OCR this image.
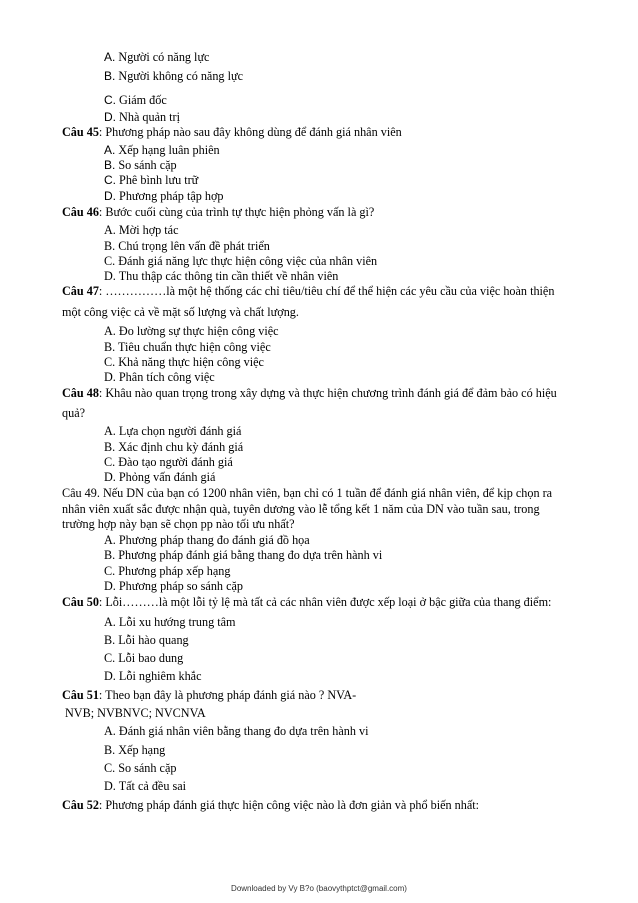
A. Người có năng lực
B. Người không có năng lực
C. Giám đốc
D. Nhà quản trị
Câu 45: Phương pháp nào sau đây không dùng để đánh giá nhân viên
A. Xếp hạng luân phiên
B. So sánh cặp
C. Phê bình lưu trữ
D. Phương pháp tập hợp
Câu 46: Bước cuối cùng của trình tự thực hiện phỏng vấn là gì?
A. Mời hợp tác
B. Chú trọng lên vấn đề phát triển
C. Đánh giá năng lực thực hiện công việc của nhân viên
D. Thu thập các thông tin cần thiết về nhân viên
Câu 47: ……………là một hệ thống các chỉ tiêu/tiêu chí để thể hiện các yêu cầu của việc hoàn thiện
một công việc cả về mặt số lượng và chất lượng.
A. Đo lường sự thực hiện công việc
B. Tiêu chuẩn thực hiện công việc
C. Khả năng thực hiện công việc
D. Phân tích công việc
Câu 48: Khâu nào quan trọng trong xây dựng và thực hiện chương trình đánh giá để đảm bảo có hiệu
quả?
A. Lựa chọn người đánh giá
B. Xác định chu kỳ đánh giá
C. Đào tạo người đánh giá
D. Phỏng vấn đánh giá
Câu 49. Nếu DN của bạn có 1200 nhân viên, bạn chỉ có 1 tuần để đánh giá nhân viên, để kịp chọn ra
nhân viên xuất sắc được nhận quà, tuyên dương vào lễ tổng kết 1 năm của DN vào tuần sau, trong
trường hợp này bạn sẽ chọn pp nào tối ưu nhất?
A. Phương pháp thang đo đánh giá đồ họa
B. Phương pháp đánh giá bằng thang đo dựa trên hành vi
C. Phương pháp xếp hạng
D. Phương pháp so sánh cặp
Câu 50: Lỗi………là một lỗi tỷ lệ mà tất cả các nhân viên được xếp loại ở bậc giữa của thang điểm:
A. Lỗi xu hướng trung tâm
B. Lỗi hào quang
C. Lỗi bao dung
D. Lỗi nghiêm khắc
Câu 51: Theo bạn đây là phương pháp đánh giá nào ? NVA-
NVB; NVBNVC; NVCNVA
A. Đánh giá nhân viên bằng thang đo dựa trên hành vi
B. Xếp hạng
C. So sánh cặp
D. Tất cả đều sai
Câu 52: Phương pháp đánh giá thực hiện công việc nào là đơn giản và phổ biến nhất:
Downloaded by Vy B?o (baovythptct@gmail.com)
